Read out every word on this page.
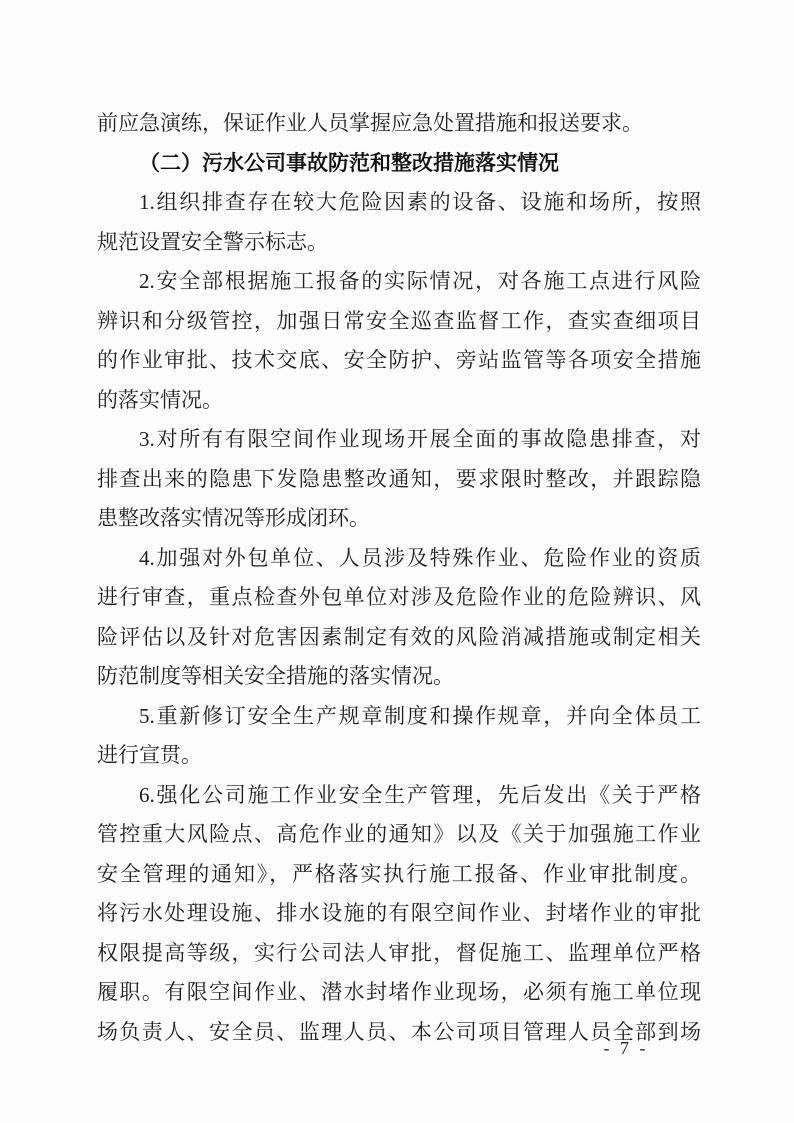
前应急演练，保证作业人员掌握应急处置措施和报送要求。
（二）污水公司事故防范和整改措施落实情况
1.组织排查存在较大危险因素的设备、设施和场所，按照
规范设置安全警示标志。
2.安全部根据施工报备的实际情况，对各施工点进行风险
辨识和分级管控，加强日常安全巡查监督工作，查实查细项目
的作业审批、技术交底、安全防护、旁站监管等各项安全措施
的落实情况。
3.对所有有限空间作业现场开展全面的事故隐患排查，对
排查出来的隐患下发隐患整改通知，要求限时整改，并跟踪隐
患整改落实情况等形成闭环。
4.加强对外包单位、人员涉及特殊作业、危险作业的资质
进行审查，重点检查外包单位对涉及危险作业的危险辨识、风
险评估以及针对危害因素制定有效的风险消减措施或制定相关
防范制度等相关安全措施的落实情况。
5.重新修订安全生产规章制度和操作规章，并向全体员工
进行宣贯。
6.强化公司施工作业安全生产管理，先后发出《关于严格
管控重大风险点、高危作业的通知》以及《关于加强施工作业
安全管理的通知》，严格落实执行施工报备、作业审批制度。
将污水处理设施、排水设施的有限空间作业、封堵作业的审批
权限提高等级，实行公司法人审批，督促施工、监理单位严格
履职。有限空间作业、潜水封堵作业现场，必须有施工单位现
场负责人、安全员、监理人员、本公司项目管理人员全部到场
- 7 -
